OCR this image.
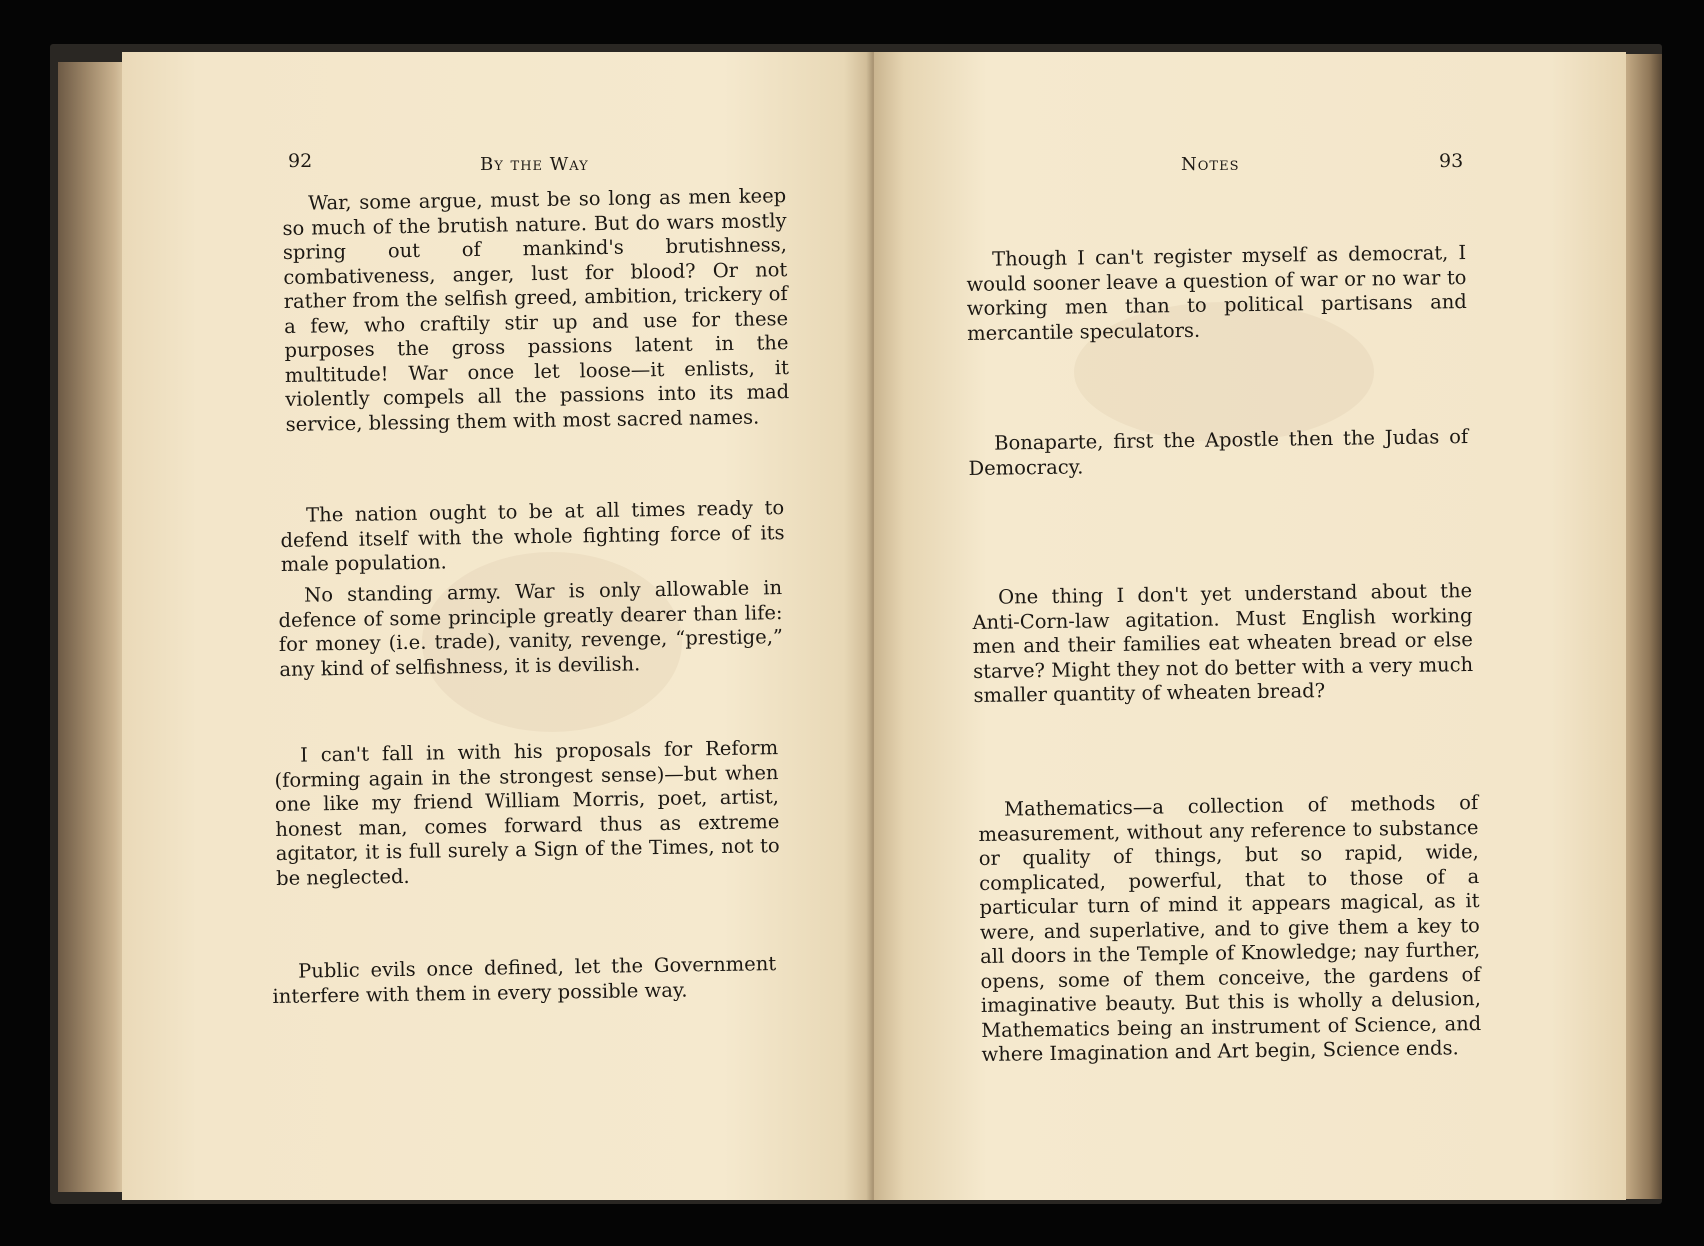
92	By the Way

War, some argue, must be so long as men keep so much of the brutish nature. But do wars mostly spring out of mankind's brutishness, combativeness, anger, lust for blood? Or not rather from the selfish greed, ambition, trickery of a few, who craftily stir up and use for these purposes the gross passions latent in the multitude! War once let loose—it enlists, it violently compels all the passions into its mad service, blessing them with most sacred names.

The nation ought to be at all times ready to defend itself with the whole fighting force of its male population.

No standing army. War is only allowable in defence of some principle greatly dearer than life: for money (i.e. trade), vanity, revenge, “prestige,” any kind of selfishness, it is devilish.

I can't fall in with his proposals for Reform (forming again in the strongest sense)—but when one like my friend William Morris, poet, artist, honest man, comes forward thus as extreme agitator, it is full surely a Sign of the Times, not to be neglected.

Public evils once defined, let the Government interfere with them in every possible way.

Notes	93

Though I can't register myself as democrat, I would sooner leave a question of war or no war to working men than to political partisans and mercantile speculators.

Bonaparte, first the Apostle then the Judas of Democracy.

One thing I don't yet understand about the Anti-Corn-law agitation. Must English working men and their families eat wheaten bread or else starve? Might they not do better with a very much smaller quantity of wheaten bread?

Mathematics—a collection of methods of measurement, without any reference to substance or quality of things, but so rapid, wide, complicated, powerful, that to those of a particular turn of mind it appears magical, as it were, and superlative, and to give them a key to all doors in the Temple of Knowledge; nay further, opens, some of them conceive, the gardens of imaginative beauty. But this is wholly a delusion, Mathematics being an instrument of Science, and where Imagination and Art begin, Science ends.
